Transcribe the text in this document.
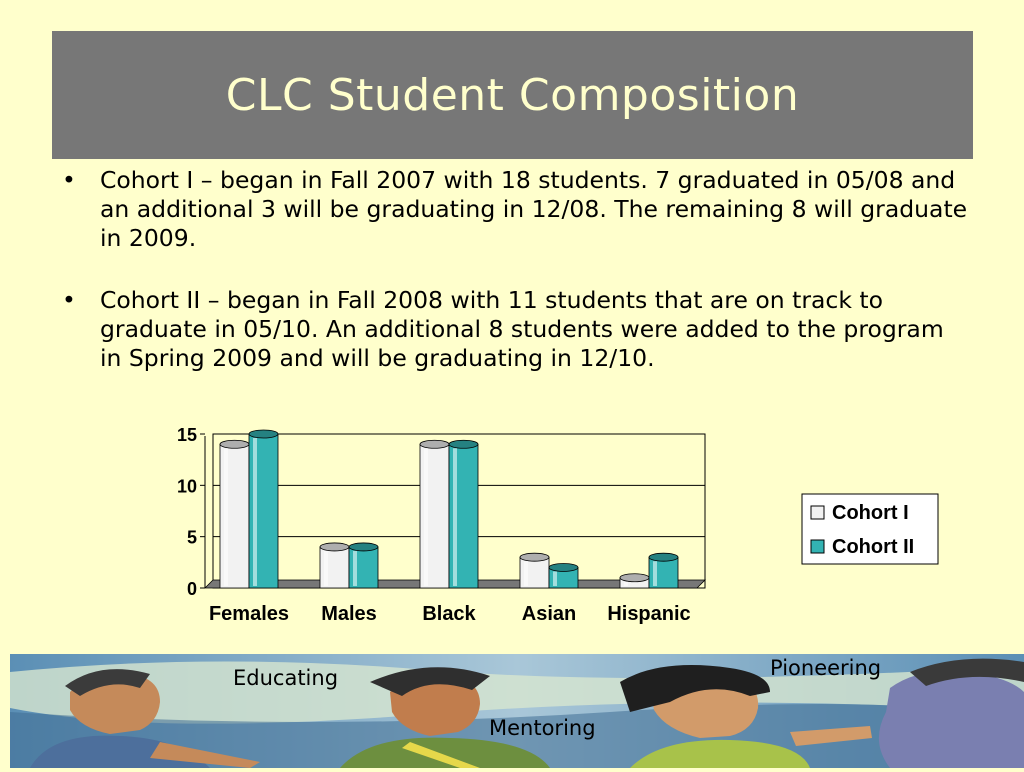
CLC Student Composition
• Cohort I – began in Fall 2007 with 18 students. 7 graduated in 05/08 and an additional 3 will be graduating in 12/08. The remaining 8 will graduate in 2009.
• Cohort II – began in Fall 2008 with 11 students that are on track to graduate in 05/10. An additional 8 students were added to the program in Spring 2009 and will be graduating in 12/10.
0
5
10
15
Females Males Black Asian Hispanic
Cohort I
Cohort II
Educating	Pioneering
Mentoring
